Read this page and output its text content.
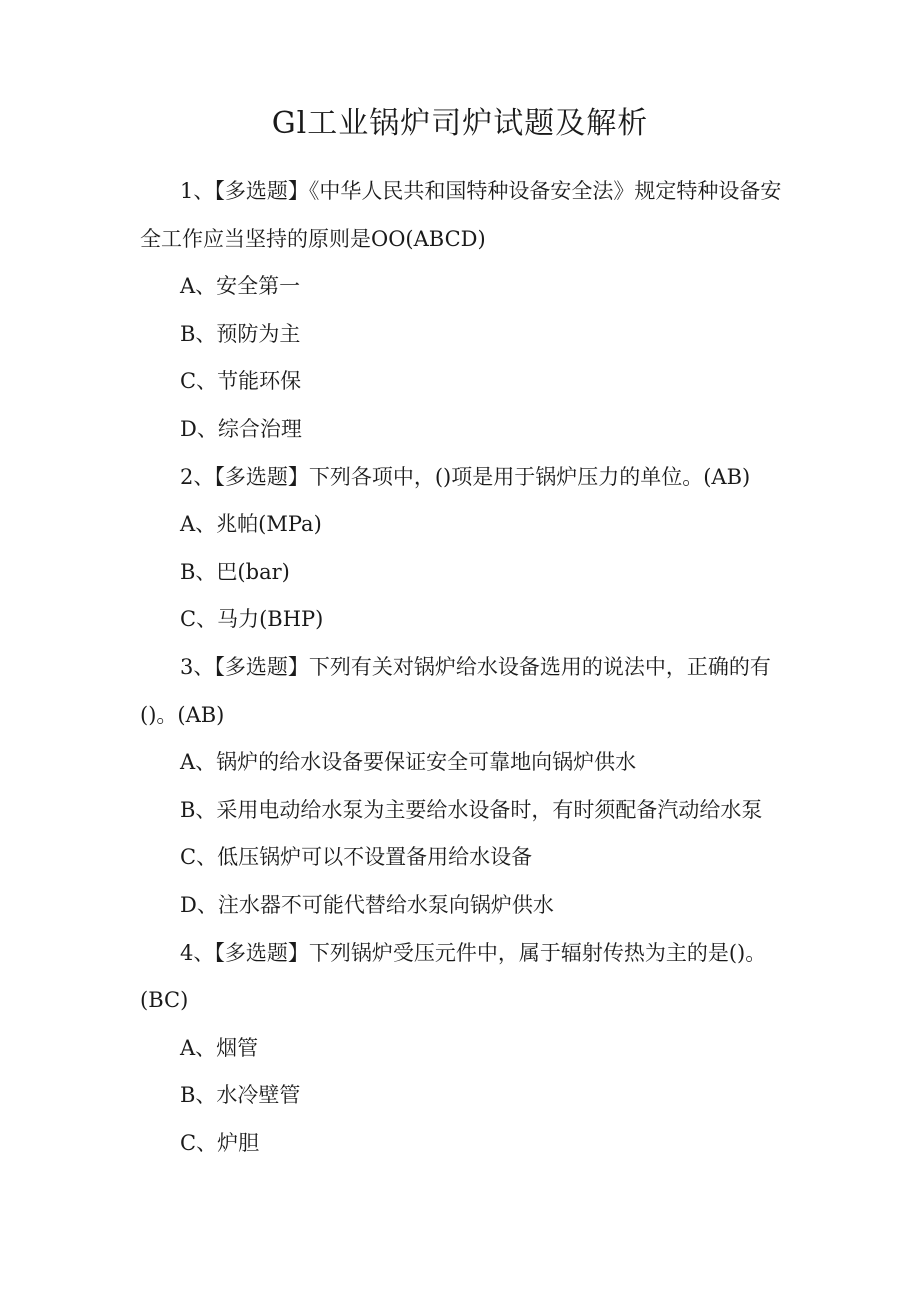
Gl工业锅炉司炉试题及解析

1、【多选题】《中华人民共和国特种设备安全法》规定特种设备安全工作应当坚持的原则是OO(ABCD)

A、安全第一

B、预防为主

C、节能环保

D、综合治理

2、【多选题】下列各项中，()项是用于锅炉压力的单位。(AB)

A、兆帕(MPa)

B、巴(bar)

C、马力(BHP)

3、【多选题】下列有关对锅炉给水设备选用的说法中，正确的有()。(AB)

A、锅炉的给水设备要保证安全可靠地向锅炉供水

B、采用电动给水泵为主要给水设备时，有时须配备汽动给水泵

C、低压锅炉可以不设置备用给水设备

D、注水器不可能代替给水泵向锅炉供水

4、【多选题】下列锅炉受压元件中，属于辐射传热为主的是()。(BC)

A、烟管

B、水冷壁管

C、炉胆
